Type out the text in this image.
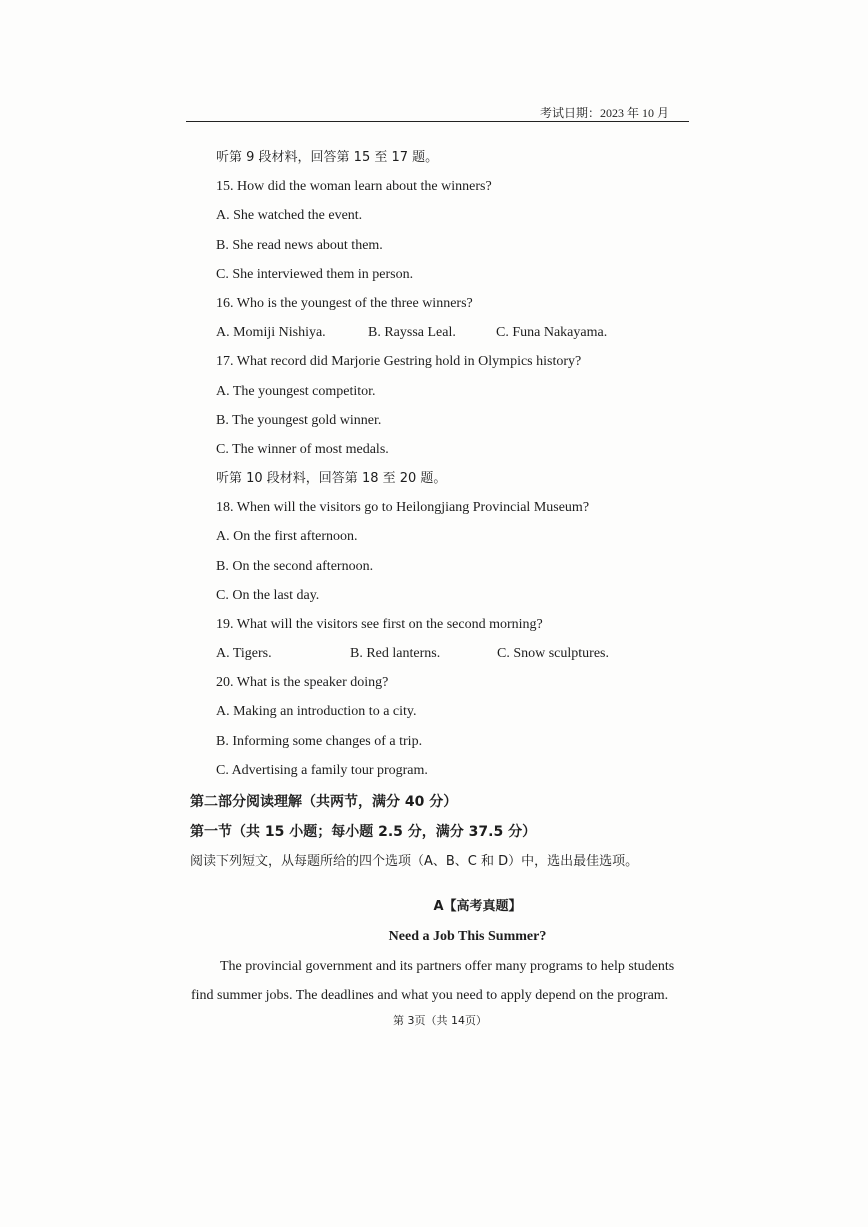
考试日期：2023 年 10 月
听第 9 段材料，回答第 15 至 17 题。
15. How did the woman learn about the winners?
A. She watched the event.
B. She read news about them.
C. She interviewed them in person.
16. Who is the youngest of the three winners?
A. Momiji Nishiya.	B. Rayssa Leal.	C. Funa Nakayama.
17. What record did Marjorie Gestring hold in Olympics history?
A. The youngest competitor.
B. The youngest gold winner.
C. The winner of most medals.
听第 10 段材料，回答第 18 至 20 题。
18. When will the visitors go to Heilongjiang Provincial Museum?
A. On the first afternoon.
B. On the second afternoon.
C. On the last day.
19. What will the visitors see first on the second morning?
A. Tigers.	B. Red lanterns.	C. Snow sculptures.
20. What is the speaker doing?
A. Making an introduction to a city.
B. Informing some changes of a trip.
C. Advertising a family tour program.
第二部分阅读理解（共两节，满分 40 分）
第一节（共 15 小题；每小题 2.5 分，满分 37.5 分）
阅读下列短文，从每题所给的四个选项（A、B、C 和 D）中，选出最佳选项。
A【高考真题】
Need a Job This Summer?
The provincial government and its partners offer many programs to help students
find summer jobs. The deadlines and what you need to apply depend on the program.
第 3页（共 14页）
